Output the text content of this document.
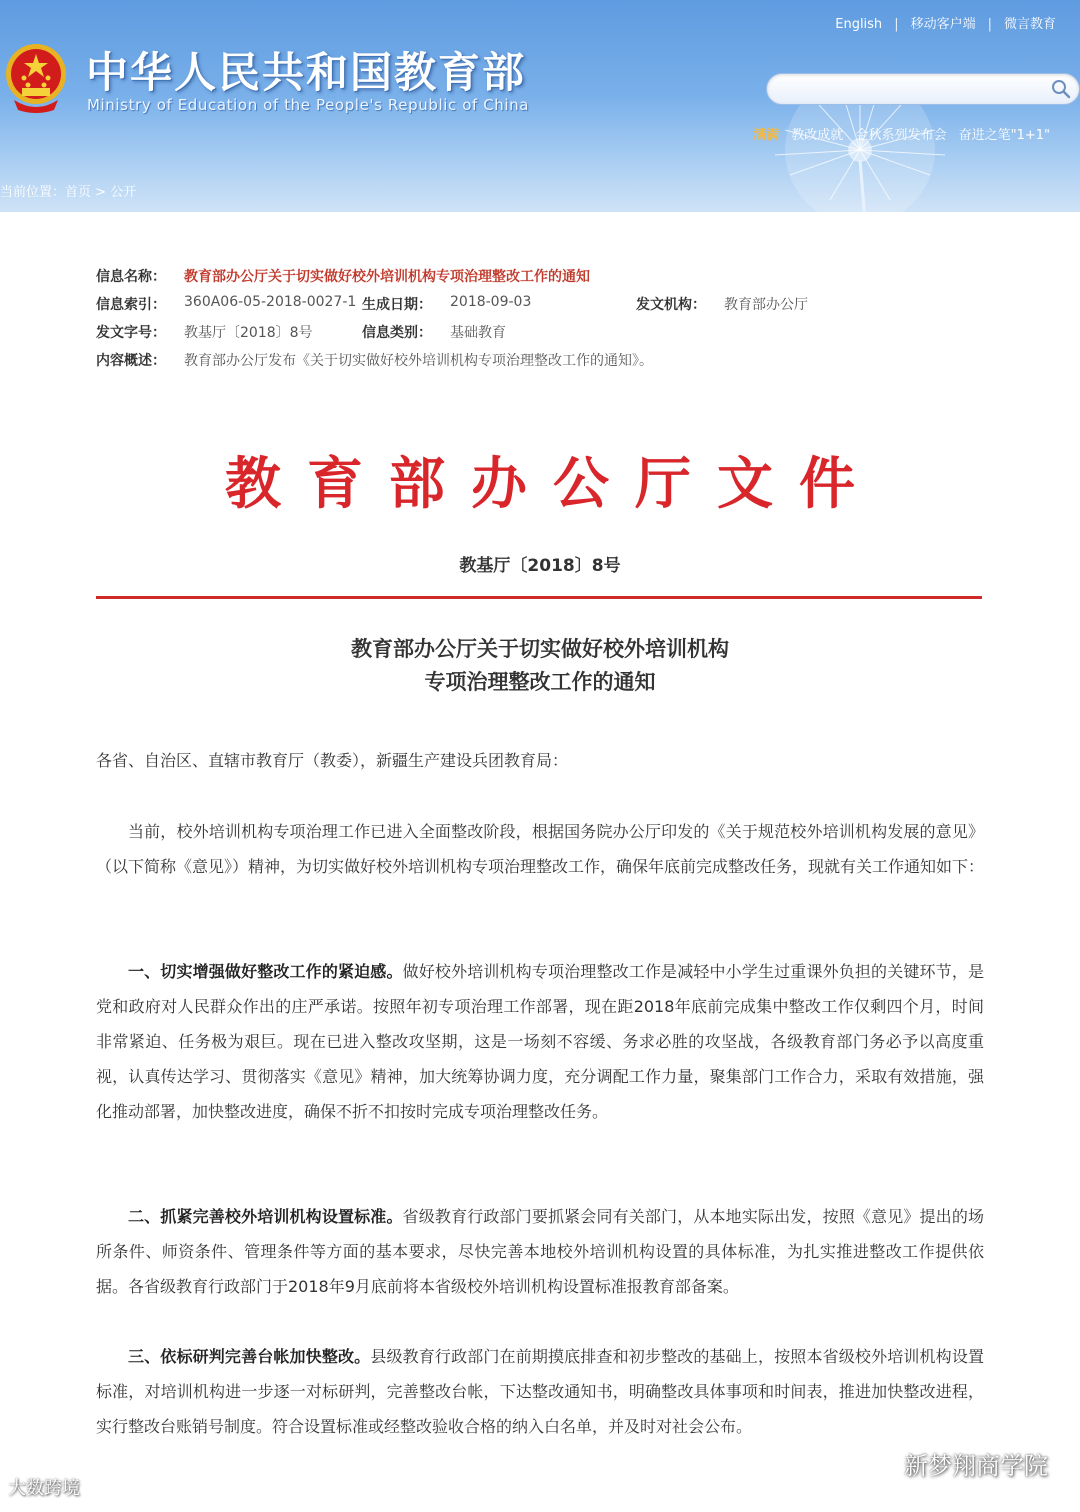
中华人民共和国教育部
Ministry of Education of the People's Republic of China
English | 移动客户端 | 微言教育
满满 教改成就 金秋系列发布会 奋进之笔"1+1"
当前位置：首页 > 公开
信息名称： 教育部办公厅关于切实做好校外培训机构专项治理整改工作的通知
信息索引： 360A06-05-2018-0027-1 生成日期： 2018-09-03	发文机构： 教育部办公厅
发文字号： 教基厅〔2018〕8号	信息类别： 基础教育
内容概述： 教育部办公厅发布《关于切实做好校外培训机构专项治理整改工作的通知》。
教育部办公厅文件
教基厅〔2018〕8号
教育部办公厅关于切实做好校外培训机构
专项治理整改工作的通知
各省、自治区、直辖市教育厅（教委），新疆生产建设兵团教育局：
当前，校外培训机构专项治理工作已进入全面整改阶段，根据国务院办公厅印发的《关于规范校外培训机构发展的意见》（以下简称《意见》）精神，为切实做好校外培训机构专项治理整改工作，确保年底前完成整改任务，现就有关工作通知如下：
一、切实增强做好整改工作的紧迫感。做好校外培训机构专项治理整改工作是减轻中小学生过重课外负担的关键环节，是党和政府对人民群众作出的庄严承诺。按照年初专项治理工作部署，现在距2018年底前完成集中整改工作仅剩四个月，时间非常紧迫、任务极为艰巨。现在已进入整改攻坚期，这是一场刻不容缓、务求必胜的攻坚战，各级教育部门务必予以高度重视，认真传达学习、贯彻落实《意见》精神，加大统筹协调力度，充分调配工作力量，聚集部门工作合力，采取有效措施，强化推动部署，加快整改进度，确保不折不扣按时完成专项治理整改任务。
二、抓紧完善校外培训机构设置标准。省级教育行政部门要抓紧会同有关部门，从本地实际出发，按照《意见》提出的场所条件、师资条件、管理条件等方面的基本要求，尽快完善本地校外培训机构设置的具体标准，为扎实推进整改工作提供依据。各省级教育行政部门于2018年9月底前将本省级校外培训机构设置标准报教育部备案。
三、依标研判完善台帐加快整改。县级教育行政部门在前期摸底排查和初步整改的基础上，按照本省级校外培训机构设置标准，对培训机构进一步逐一对标研判，完善整改台帐，下达整改通知书，明确整改具体事项和时间表，推进加快整改进程，实行整改台账销号制度。符合设置标准或经整改验收合格的纳入白名单，并及时对社会公布。
大数跨境
新梦翔商学院
